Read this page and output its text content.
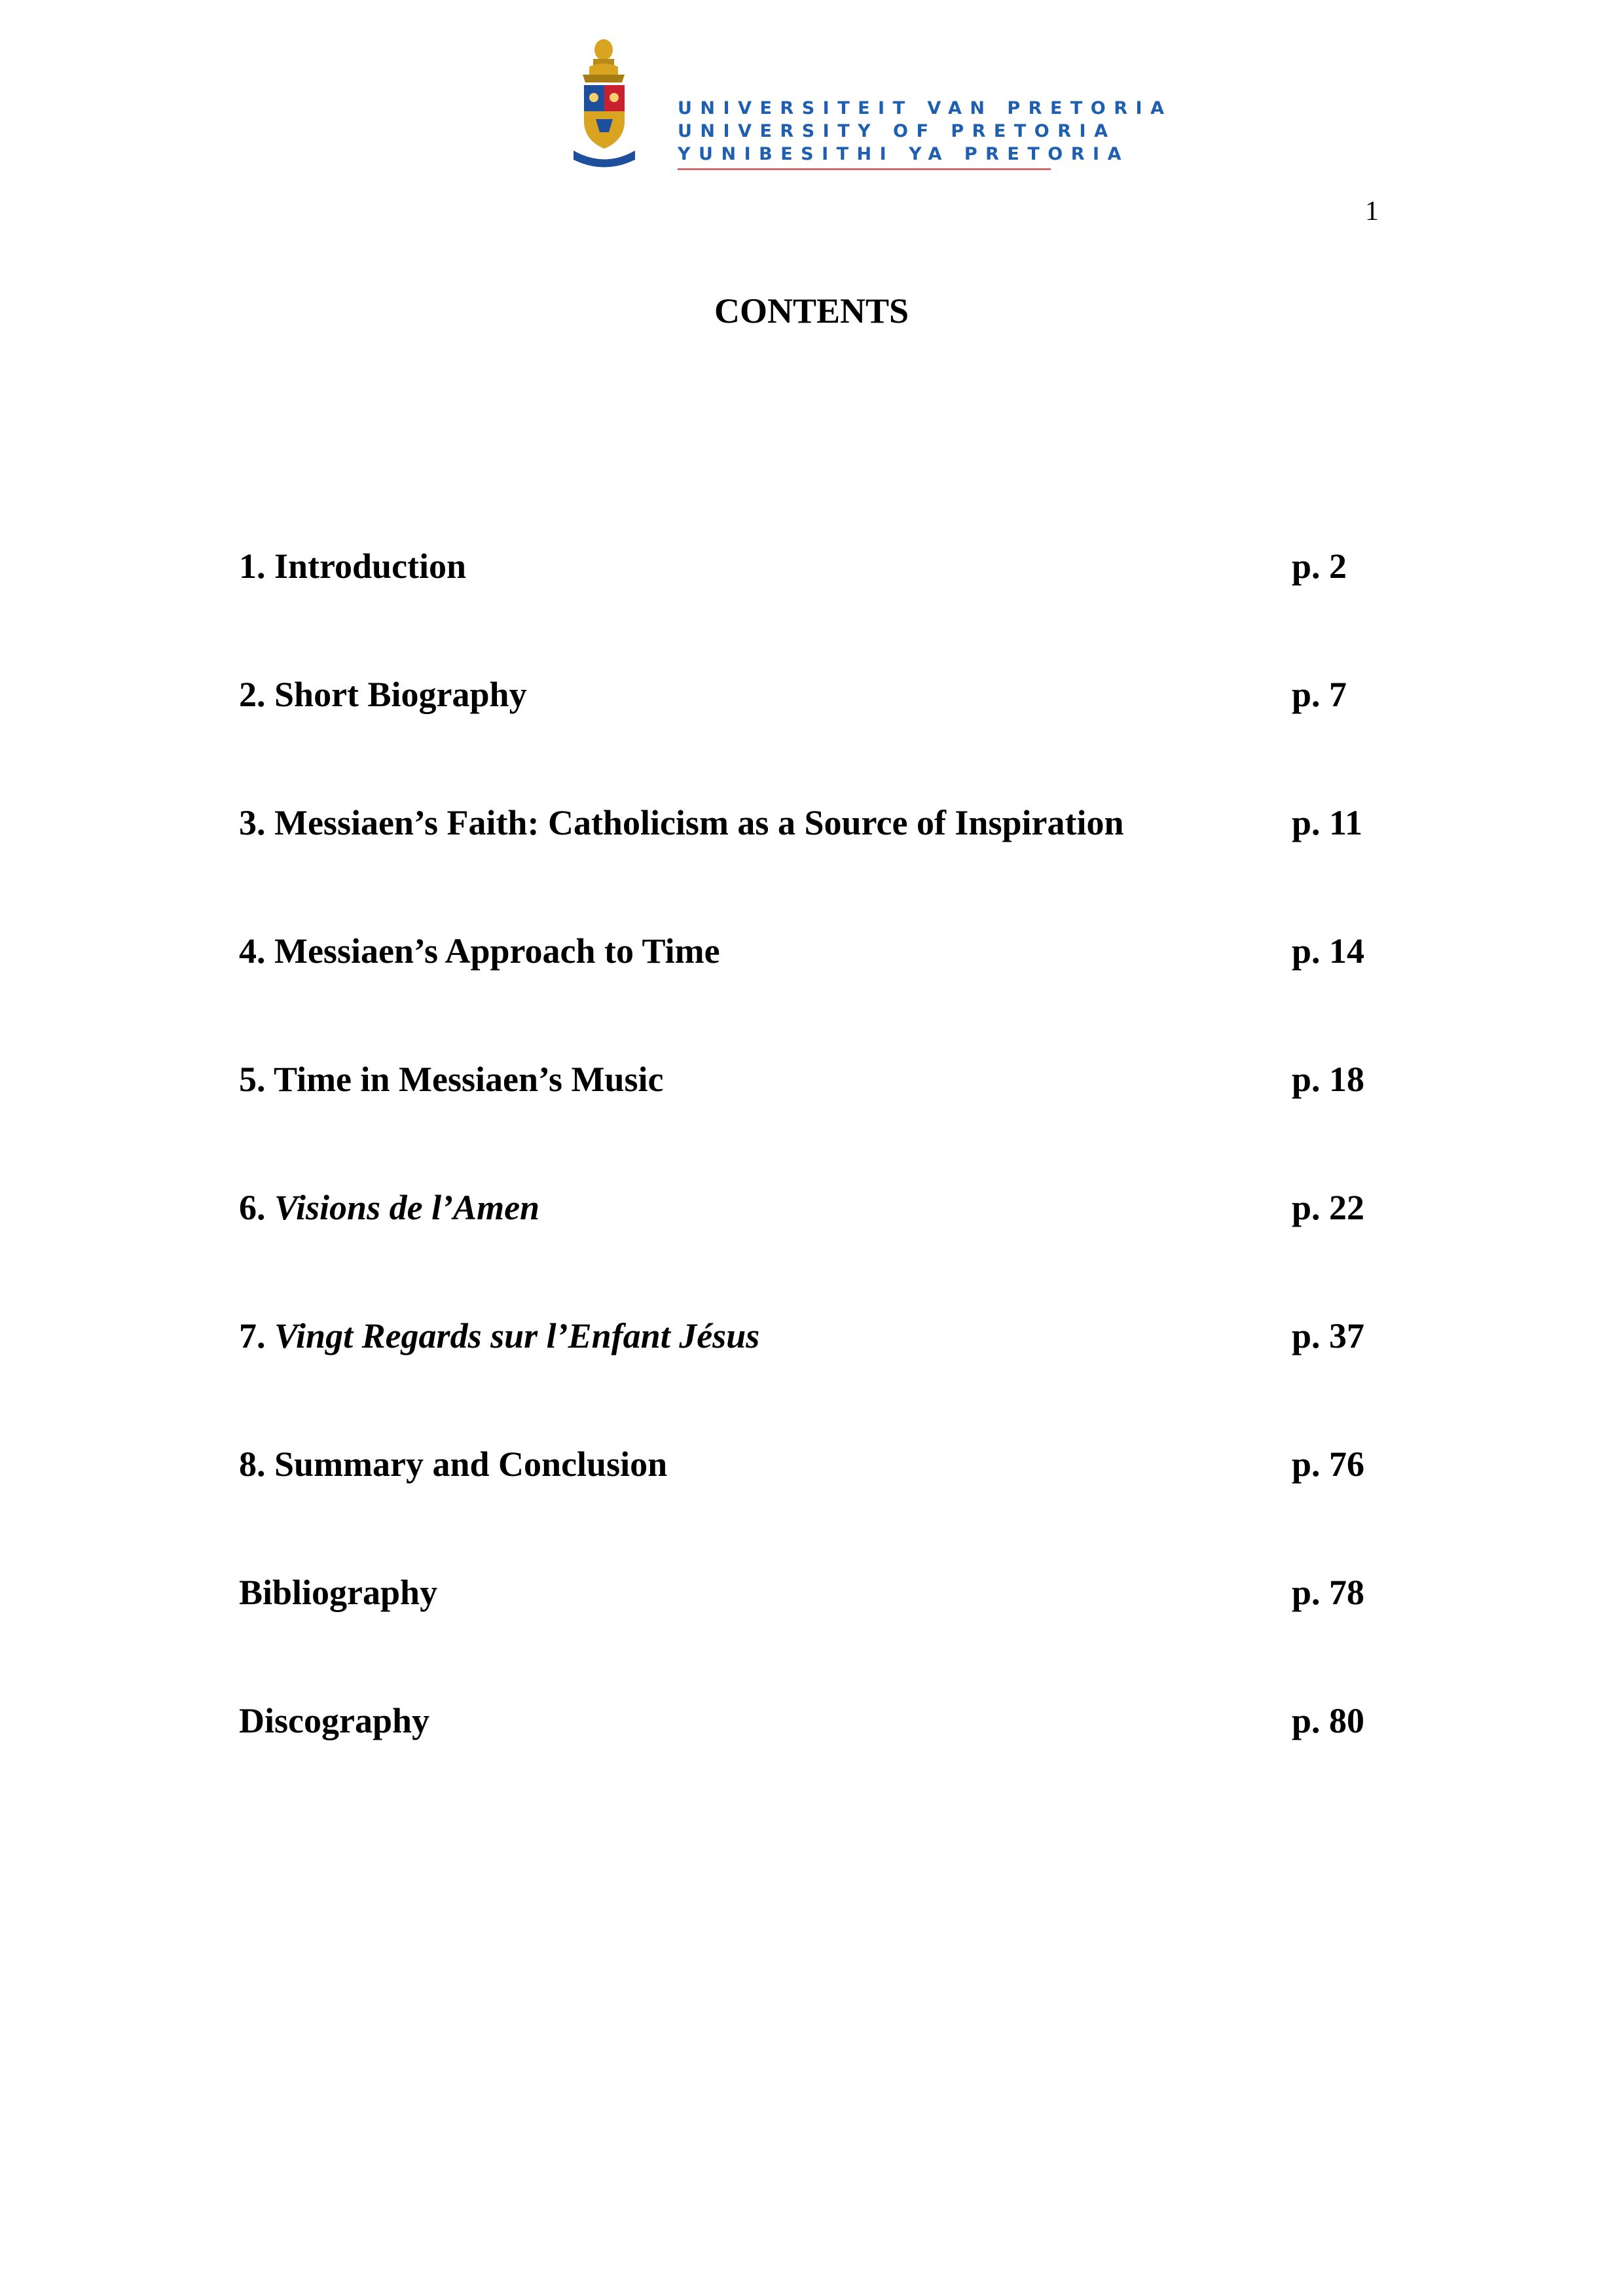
UNIVERSITEIT VAN PRETORIA
UNIVERSITY OF PRETORIA
YUNIBESITHI YA PRETORIA
1
CONTENTS
1. Introduction	p. 2
2. Short Biography	p. 7
3. Messiaen’s Faith: Catholicism as a Source of Inspiration	p. 11
4. Messiaen’s Approach to Time	p. 14
5. Time in Messiaen’s Music	p. 18
6. Visions de l’Amen	p. 22
7. Vingt Regards sur l’Enfant Jésus	p. 37
8. Summary and Conclusion	p. 76
Bibliography	p. 78
Discography	p. 80
